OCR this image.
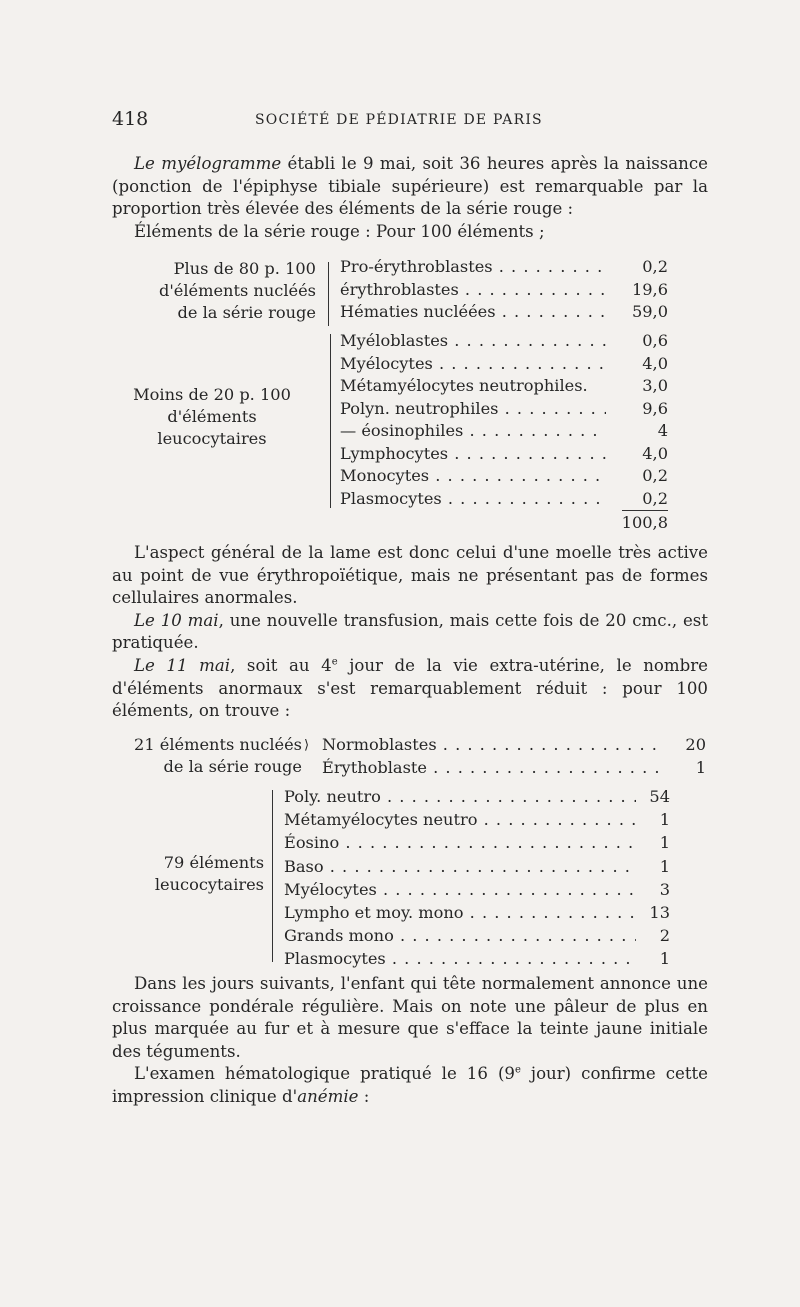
418	SOCIÉTÉ DE PÉDIATRIE DE PARIS

Le myélogramme établi le 9 mai, soit 36 heures après la naissance (ponction de l'épiphyse tibiale supérieure) est remarquable par la proportion très élevée des éléments de la série rouge :

Éléments de la série rouge : Pour 100 éléments ;

Plus de 80 p. 100
d'éléments nucléés
de la série rouge
Pro-érythroblastes . . .	0,2
érythroblastes . . .	19,6
Hématies nucléées . . .	59,0
Moins de 20 p. 100
d'éléments
leucocytaires
Myéloblastes . . .	0,6
Myélocytes . . .	4,0
Métamyélocytes neutrophiles.	3,0
Polyn. neutrophiles . . .	9,6
— éosinophiles . . .	4
Lymphocytes . . .	4,0
Monocytes . . .	0,2
Plasmocytes . . .	0,2
100,8

L'aspect général de la lame est donc celui d'une moelle très active au point de vue érythropoïétique, mais ne présentant pas de formes cellulaires anormales.

Le 10 mai, une nouvelle transfusion, mais cette fois de 20 cmc., est pratiquée.

Le 11 mai, soit au 4e jour de la vie extra-utérine, le nombre d'éléments anormaux s'est remarquablement réduit : pour 100 éléments, on trouve :

21 éléments nucléés
de la série rouge
⟩ Normoblastes . . .	20
Érythoblaste . . .	1
79 éléments
leucocytaires
Poly. neutro . . .	54
Métamyélocytes neutro . . .	1
Éosino . . .	1
Baso . . .	1
Myélocytes . . .	3
Lympho et moy. mono . . .	13
Grands mono . . .	2
Plasmocytes . . .	1

Dans les jours suivants, l'enfant qui tête normalement annonce une croissance pondérale régulière. Mais on note une pâleur de plus en plus marquée au fur et à mesure que s'efface la teinte jaune initiale des téguments.

L'examen hématologique pratiqué le 16 (9e jour) confirme cette impression clinique d'anémie :
